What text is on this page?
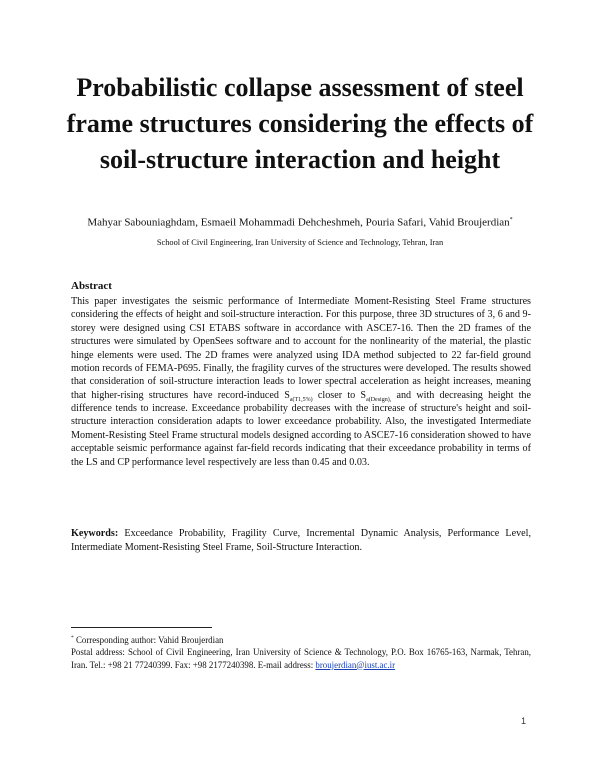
Probabilistic collapse assessment of steel
frame structures considering the effects of
soil-structure interaction and height
Mahyar Sabouniaghdam, Esmaeil Mohammadi Dehcheshmeh, Pouria Safari, Vahid Broujerdian*
School of Civil Engineering, Iran University of Science and Technology, Tehran, Iran
Abstract
This paper investigates the seismic performance of Intermediate Moment-Resisting Steel Frame structures considering the effects of height and soil-structure interaction. For this purpose, three 3D structures of 3, 6 and 9-storey were designed using CSI ETABS software in accordance with ASCE7-16. Then the 2D frames of the structures were simulated by OpenSees software and to account for the nonlinearity of the material, the plastic hinge elements were used. The 2D frames were analyzed using IDA method subjected to 22 far-field ground motion records of FEMA-P695. Finally, the fragility curves of the structures were developed. The results showed that consideration of soil-structure interaction leads to lower spectral acceleration as height increases, meaning that higher-rising structures have record-induced $S_{a(T1,5\%)}$ closer to $S_{a(Design),}$ and with decreasing height the difference tends to increase. Exceedance probability decreases with the increase of structure's height and soil-structure interaction consideration adapts to lower exceedance probability. Also, the investigated Intermediate Moment-Resisting Steel Frame structural models designed according to ASCE7-16 consideration showed to have acceptable seismic performance against far-field records indicating that their exceedance probability in terms of the LS and CP performance level respectively are less than 0.45 and 0.03.
Keywords: Exceedance Probability, Fragility Curve, Incremental Dynamic Analysis, Performance Level, Intermediate Moment-Resisting Steel Frame, Soil-Structure Interaction.
* Corresponding author: Vahid Broujerdian
Postal address: School of Civil Engineering, Iran University of Science & Technology, P.O. Box 16765-163, Narmak, Tehran, Iran. Tel.: +98 21 77240399. Fax: +98 2177240398. E-mail address: broujerdian@iust.ac.ir
1
